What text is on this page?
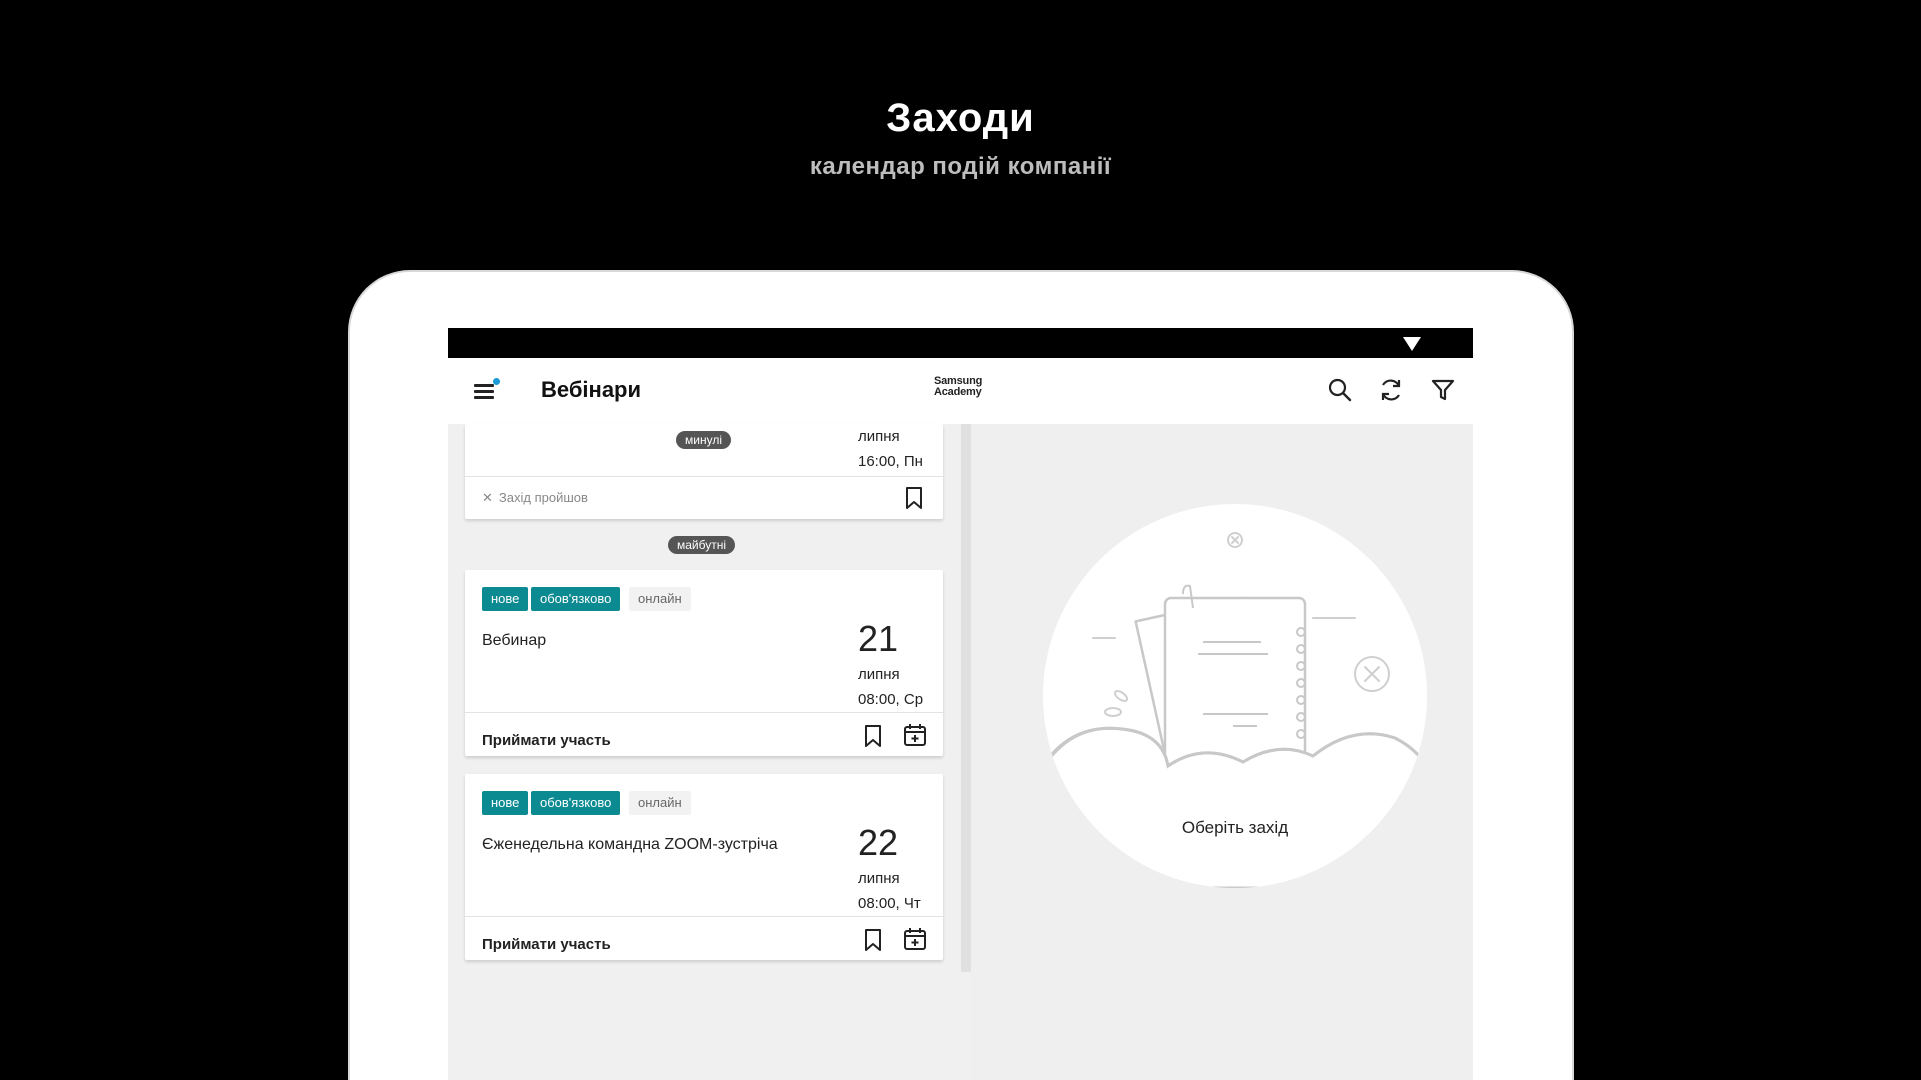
Заходи
календар подій компанії
Вебінари	Samsung
Academy
минулі	липня
16:00, Пн
✕ Захід пройшов
майбутні
нове	обов'язково	онлайн
Вебинар	21
липня
08:00, Ср
Приймати участь
нове	обов'язково	онлайн
Єженедельна командна ZOOM-зустріча 22
липня
08:00, Чт
Приймати участь
Оберіть захід
